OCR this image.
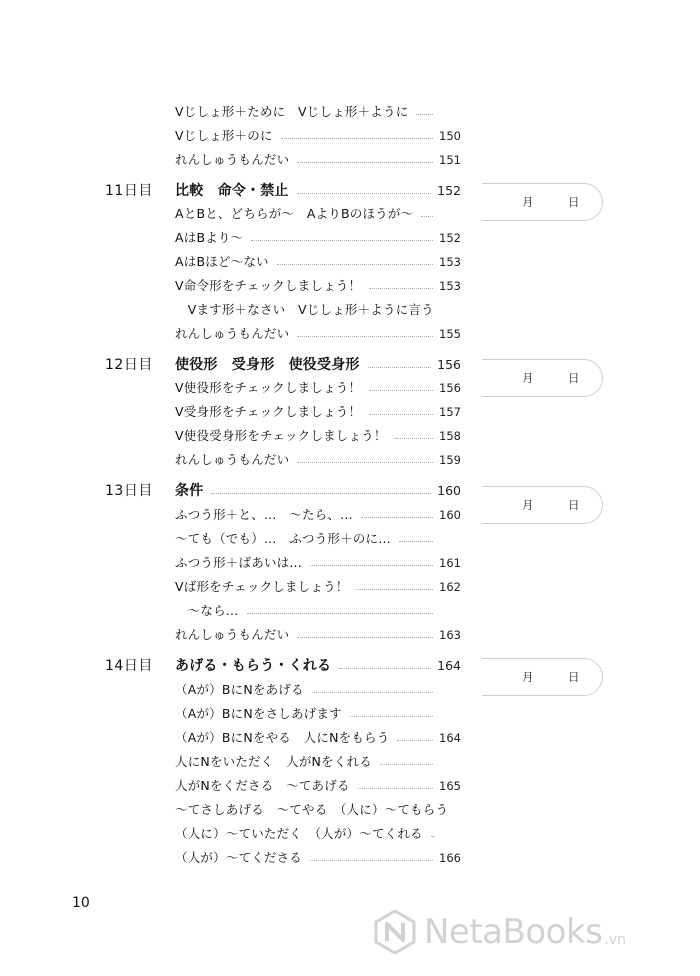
Vじしょ形＋ために　Vじしょ形＋ように
Vじしょ形＋のに	150
れんしゅうもんだい	151
11日目 比較　命令・禁止	152
AとBと、どちらが〜　AよりBのほうが〜
AはBより〜	152
AはBほど〜ない	153
V命令形をチェックしましょう！	153
　Vます形＋なさい　Vじしょ形＋ように言う
れんしゅうもんだい	155
12日目 使役形　受身形　使役受身形	156
V使役形をチェックしましょう！	156
V受身形をチェックしましょう！	157
V使役受身形をチェックしましょう！	158
れんしゅうもんだい	159
13日目 条件	160
ふつう形＋と、…　〜たら、…	160
〜ても（でも）…　ふつう形＋のに…
ふつう形＋ばあいは…	161
Vば形をチェックしましょう！	162
　〜なら…
れんしゅうもんだい	163
14日目 あげる・もらう・くれる	164
（Aが）BにNをあげる
（Aが）BにNをさしあげます
（Aが）BにNをやる　人にNをもらう	164
人にNをいただく　人がNをくれる
人がNをくださる　〜てあげる	165
〜てさしあげる　〜てやる　（人に）〜てもらう
（人に）〜ていただく　（人が）〜てくれる
（人が）〜てくださる	166
月	日
月	日
月	日
月	日
10
NetaBooks .vn
